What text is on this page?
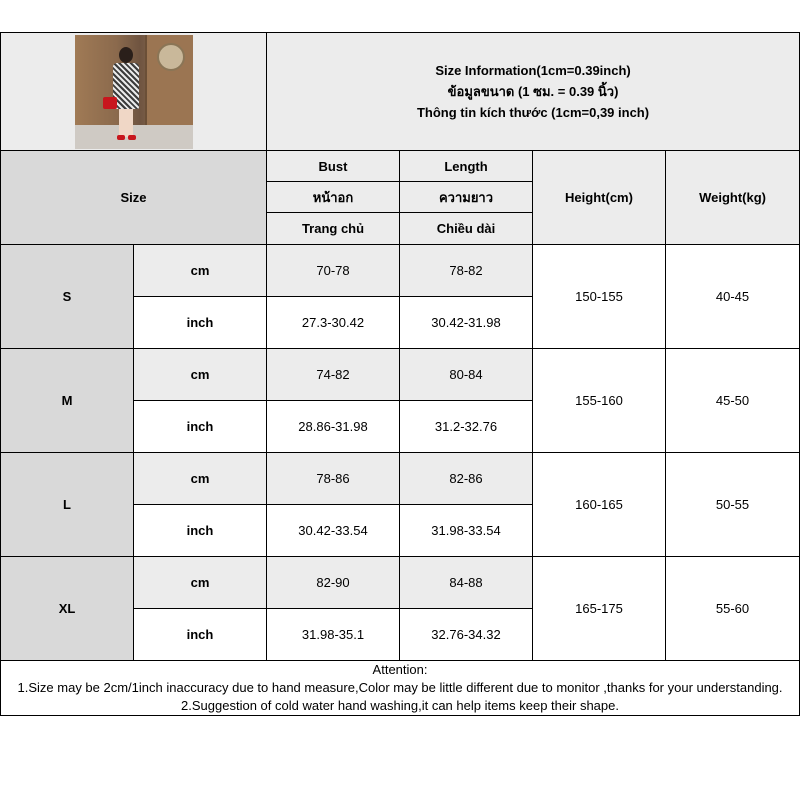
		Size Information(1cm=0.39inch)
ข้อมูลขนาด (1 ซม. = 0.39 นิ้ว)
Thông tin kích thước (1cm=0,39 inch)			

Size		Bust	Length	Height(cm)	Weight(kg)
		หน้าอก	ความยาว		
		Trang chủ	Chiều dài		
S	cm	70-78	78-82	150-155	40-45
	inch	27.3-30.42	30.42-31.98		
M	cm	74-82	80-84	155-160	45-50
	inch	28.86-31.98	31.2-32.76		
L	cm	78-86	82-86	160-165	50-55
	inch	30.42-33.54	31.98-33.54		
XL	cm	82-90	84-88	165-175	55-60
	inch	31.98-35.1	32.76-34.32		

Attention:
1.Size may be 2cm/1inch inaccuracy due to hand measure,Color may be little different due to monitor ,thanks for your understanding.
2.Suggestion of cold water hand washing,it can help items keep their shape.					
